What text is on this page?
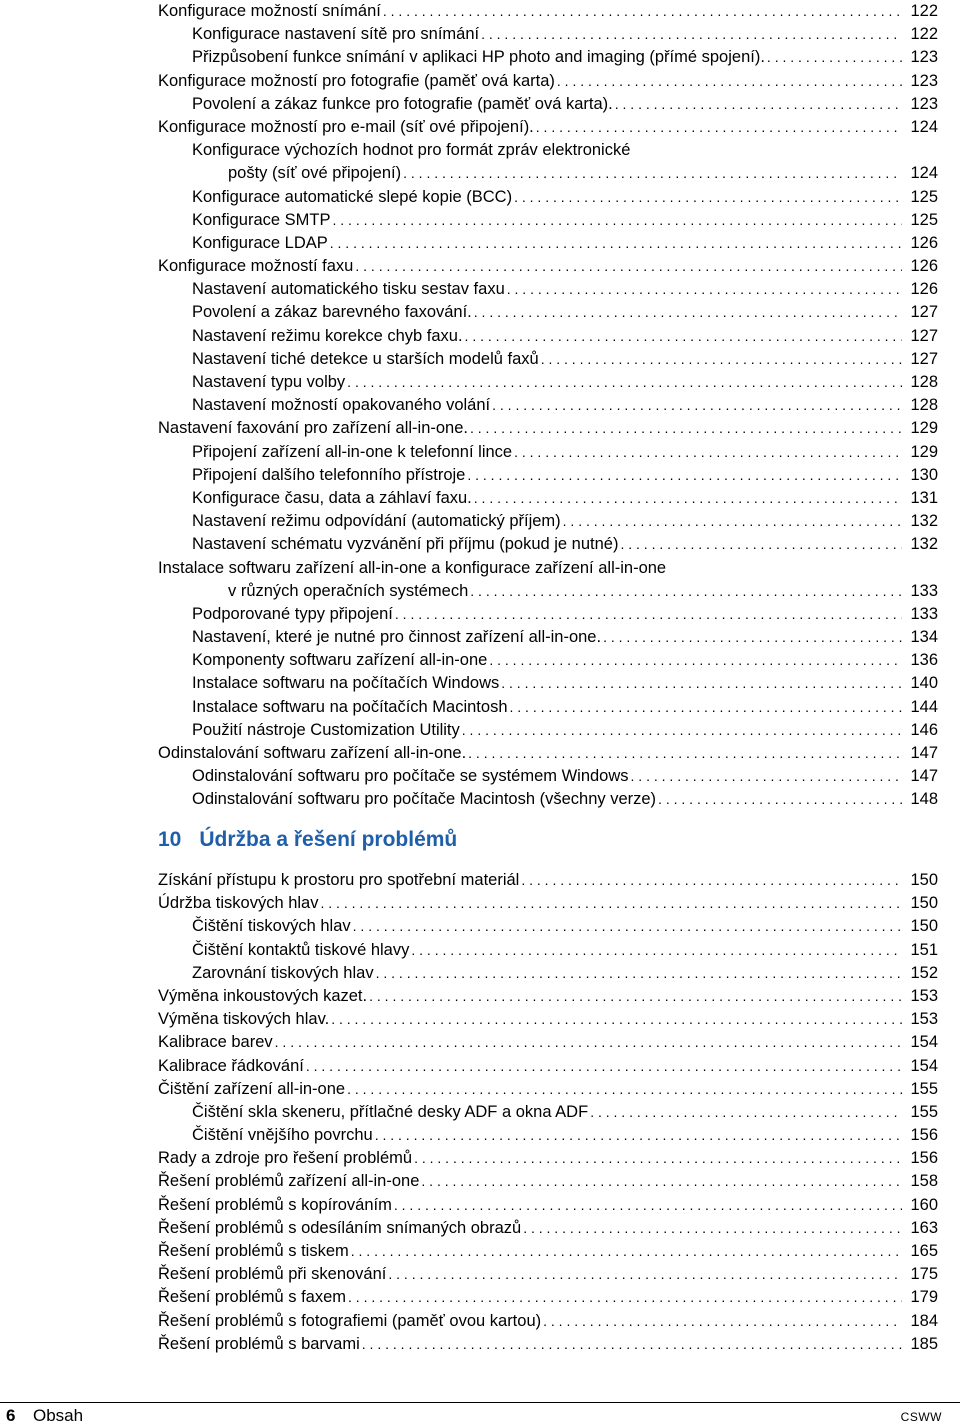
Konfigurace možností snímání . . .	122
Konfigurace nastavení sítě pro snímání . . .	122
Přizpůsobení funkce snímání v aplikaci HP photo and imaging (přímé spojení). . . .	123
Konfigurace možností pro fotografie (paměť ová karta) . . .	123
Povolení a zákaz funkce pro fotografie (paměť ová karta). . . .	123
Konfigurace možností pro e-mail (síť ové připojení). . . .	124
Konfigurace výchozích hodnot pro formát zpráv elektronické
pošty (síť ové připojení) . . .	124
Konfigurace automatické slepé kopie (BCC) . . .	125
Konfigurace SMTP . . .	125
Konfigurace LDAP . . .	126
Konfigurace možností faxu . . .	126
Nastavení automatického tisku sestav faxu . . .	126
Povolení a zákaz barevného faxování. . . .	127
Nastavení režimu korekce chyb faxu. . . .	127
Nastavení tiché detekce u starších modelů faxů . . .	127
Nastavení typu volby . . .	128
Nastavení možností opakovaného volání . . .	128
Nastavení faxování pro zařízení all-in-one. . . .	129
Připojení zařízení all-in-one k telefonní lince . . .	129
Připojení dalšího telefonního přístroje . . .	130
Konfigurace času, data a záhlaví faxu. . . .	131
Nastavení režimu odpovídání (automatický příjem) . . .	132
Nastavení schématu vyzvánění při příjmu (pokud je nutné) . . .	132
Instalace softwaru zařízení all-in-one a konfigurace zařízení all-in-one
v různých operačních systémech . . .	133
Podporované typy připojení . . .	133
Nastavení, které je nutné pro činnost zařízení all-in-one. . . .	134
Komponenty softwaru zařízení all-in-one . . .	136
Instalace softwaru na počítačích Windows . . .	140
Instalace softwaru na počítačích Macintosh . . .	144
Použití nástroje Customization Utility . . .	146
Odinstalování softwaru zařízení all-in-one. . . .	147
Odinstalování softwaru pro počítače se systémem Windows . . .	147
Odinstalování softwaru pro počítače Macintosh (všechny verze) . . .	148
10 Údržba a řešení problémů
Získání přístupu k prostoru pro spotřební materiál . . .	150
Údržba tiskových hlav . . .	150
Čištění tiskových hlav . . .	150
Čištění kontaktů tiskové hlavy . . .	151
Zarovnání tiskových hlav . . .	152
Výměna inkoustových kazet. . . .	153
Výměna tiskových hlav. . . .	153
Kalibrace barev . . .	154
Kalibrace řádkování . . .	154
Čištění zařízení all-in-one . . .	155
Čištění skla skeneru, přítlačné desky ADF a okna ADF . . .	155
Čištění vnějšího povrchu . . .	156
Rady a zdroje pro řešení problémů . . .	156
Řešení problémů zařízení all-in-one . . .	158
Řešení problémů s kopírováním . . .	160
Řešení problémů s odesíláním snímaných obrazů . . .	163
Řešení problémů s tiskem . . .	165
Řešení problémů při skenování . . .	175
Řešení problémů s faxem . . .	179
Řešení problémů s fotografiemi (paměť ovou kartou) . . .	184
Řešení problémů s barvami . . .	185
6 Obsah	CSWW
